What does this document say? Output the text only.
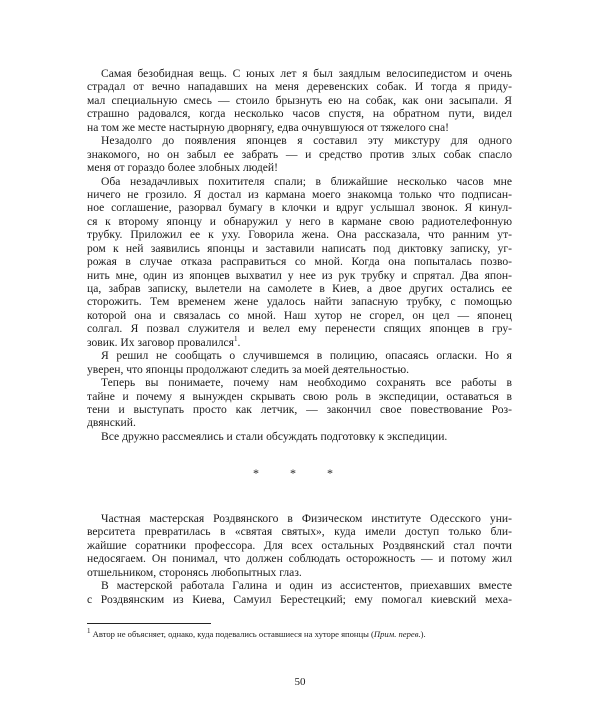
Самая безобидная вещь. С юных лет я был заядлым велосипедистом и очень
страдал от вечно нападавших на меня деревенских собак. И тогда я приду-
мал специальную смесь — стоило брызнуть ею на собак, как они засыпали. Я
страшно радовался, когда несколько часов спустя, на обратном пути, видел
на том же месте настырную дворнягу, едва очнувшуюся от тяжелого сна!
Незадолго до появления японцев я составил эту микстуру для одного
знакомого, но он забыл ее забрать — и средство против злых собак спасло
меня от гораздо более злобных людей!
Оба незадачливых похитителя спали; в ближайшие несколько часов мне
ничего не грозило. Я достал из кармана моего знакомца только что подписан-
ное соглашение, разорвал бумагу в клочки и вдруг услышал звонок. Я кинул-
ся к второму японцу и обнаружил у него в кармане свою радиотелефонную
трубку. Приложил ее к уху. Говорила жена. Она рассказала, что ранним ут-
ром к ней заявились японцы и заставили написать под диктовку записку, уг-
рожая в случае отказа расправиться со мной. Когда она попыталась позво-
нить мне, один из японцев выхватил у нее из рук трубку и спрятал. Два япон-
ца, забрав записку, вылетели на самолете в Киев, а двое других остались ее
сторожить. Тем временем жене удалось найти запасную трубку, с помощью
которой она и связалась со мной. Наш хутор не сгорел, он цел — японец
солгал. Я позвал служителя и велел ему перенести спящих японцев в гру-
зовик. Их заговор провалился$^1$.
Я решил не сообщать о случившемся в полицию, опасаясь огласки. Но я
уверен, что японцы продолжают следить за моей деятельностью.
Теперь вы понимаете, почему нам необходимо сохранять все работы в
тайне и почему я вынужден скрывать свою роль в экспедиции, оставаться в
тени и выступать просто как летчик, — закончил свое повествование Роз-
двянский.
Все дружно рассмеялись и стали обсуждать подготовку к экспедиции.
* * *
Частная мастерская Роздвянского в Физическом институте Одесского уни-
верситета превратилась в «святая святых», куда имели доступ только бли-
жайшие соратники профессора. Для всех остальных Роздвянский стал почти
недосягаем. Он понимал, что должен соблюдать осторожность — и потому жил
отшельником, сторонясь любопытных глаз.
В мастерской работала Галина и один из ассистентов, приехавших вместе
с Роздвянским из Киева, Самуил Берестецкий; ему помогал киевский меха-
$^1$ Автор не объясняет, однако, куда подевались оставшиеся на хуторе японцы (Прим. перев.).
50
